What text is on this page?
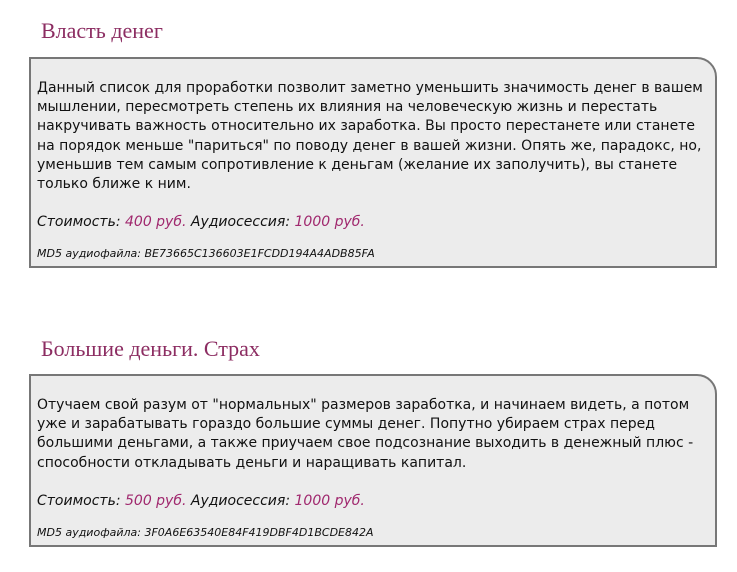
Власть денег

Данный список для проработки позволит заметно уменьшить значимость денег в вашем мышлении, пересмотреть степень их влияния на человеческую жизнь и перестать накручивать важность относительно их заработка. Вы просто перестанете или станете на порядок меньше "париться" по поводу денег в вашей жизни. Опять же, парадокс, но, уменьшив тем самым сопротивление к деньгам (желание их заполучить), вы станете только ближе к ним.

Стоимость: 400 руб. Аудиосессия: 1000 руб.

MD5 аудиофайла: BE73665C136603E1FCDD194A4ADB85FA

Большие деньги. Страх

Отучаем свой разум от "нормальных" размеров заработка, и начинаем видеть, а потом уже и зарабатывать гораздо большие суммы денег. Попутно убираем страх перед большими деньгами, а также приучаем свое подсознание выходить в денежный плюс - способности откладывать деньги и наращивать капитал.

Стоимость: 500 руб. Аудиосессия: 1000 руб.

MD5 аудиофайла: 3F0A6E63540E84F419DBF4D1BCDE842A
